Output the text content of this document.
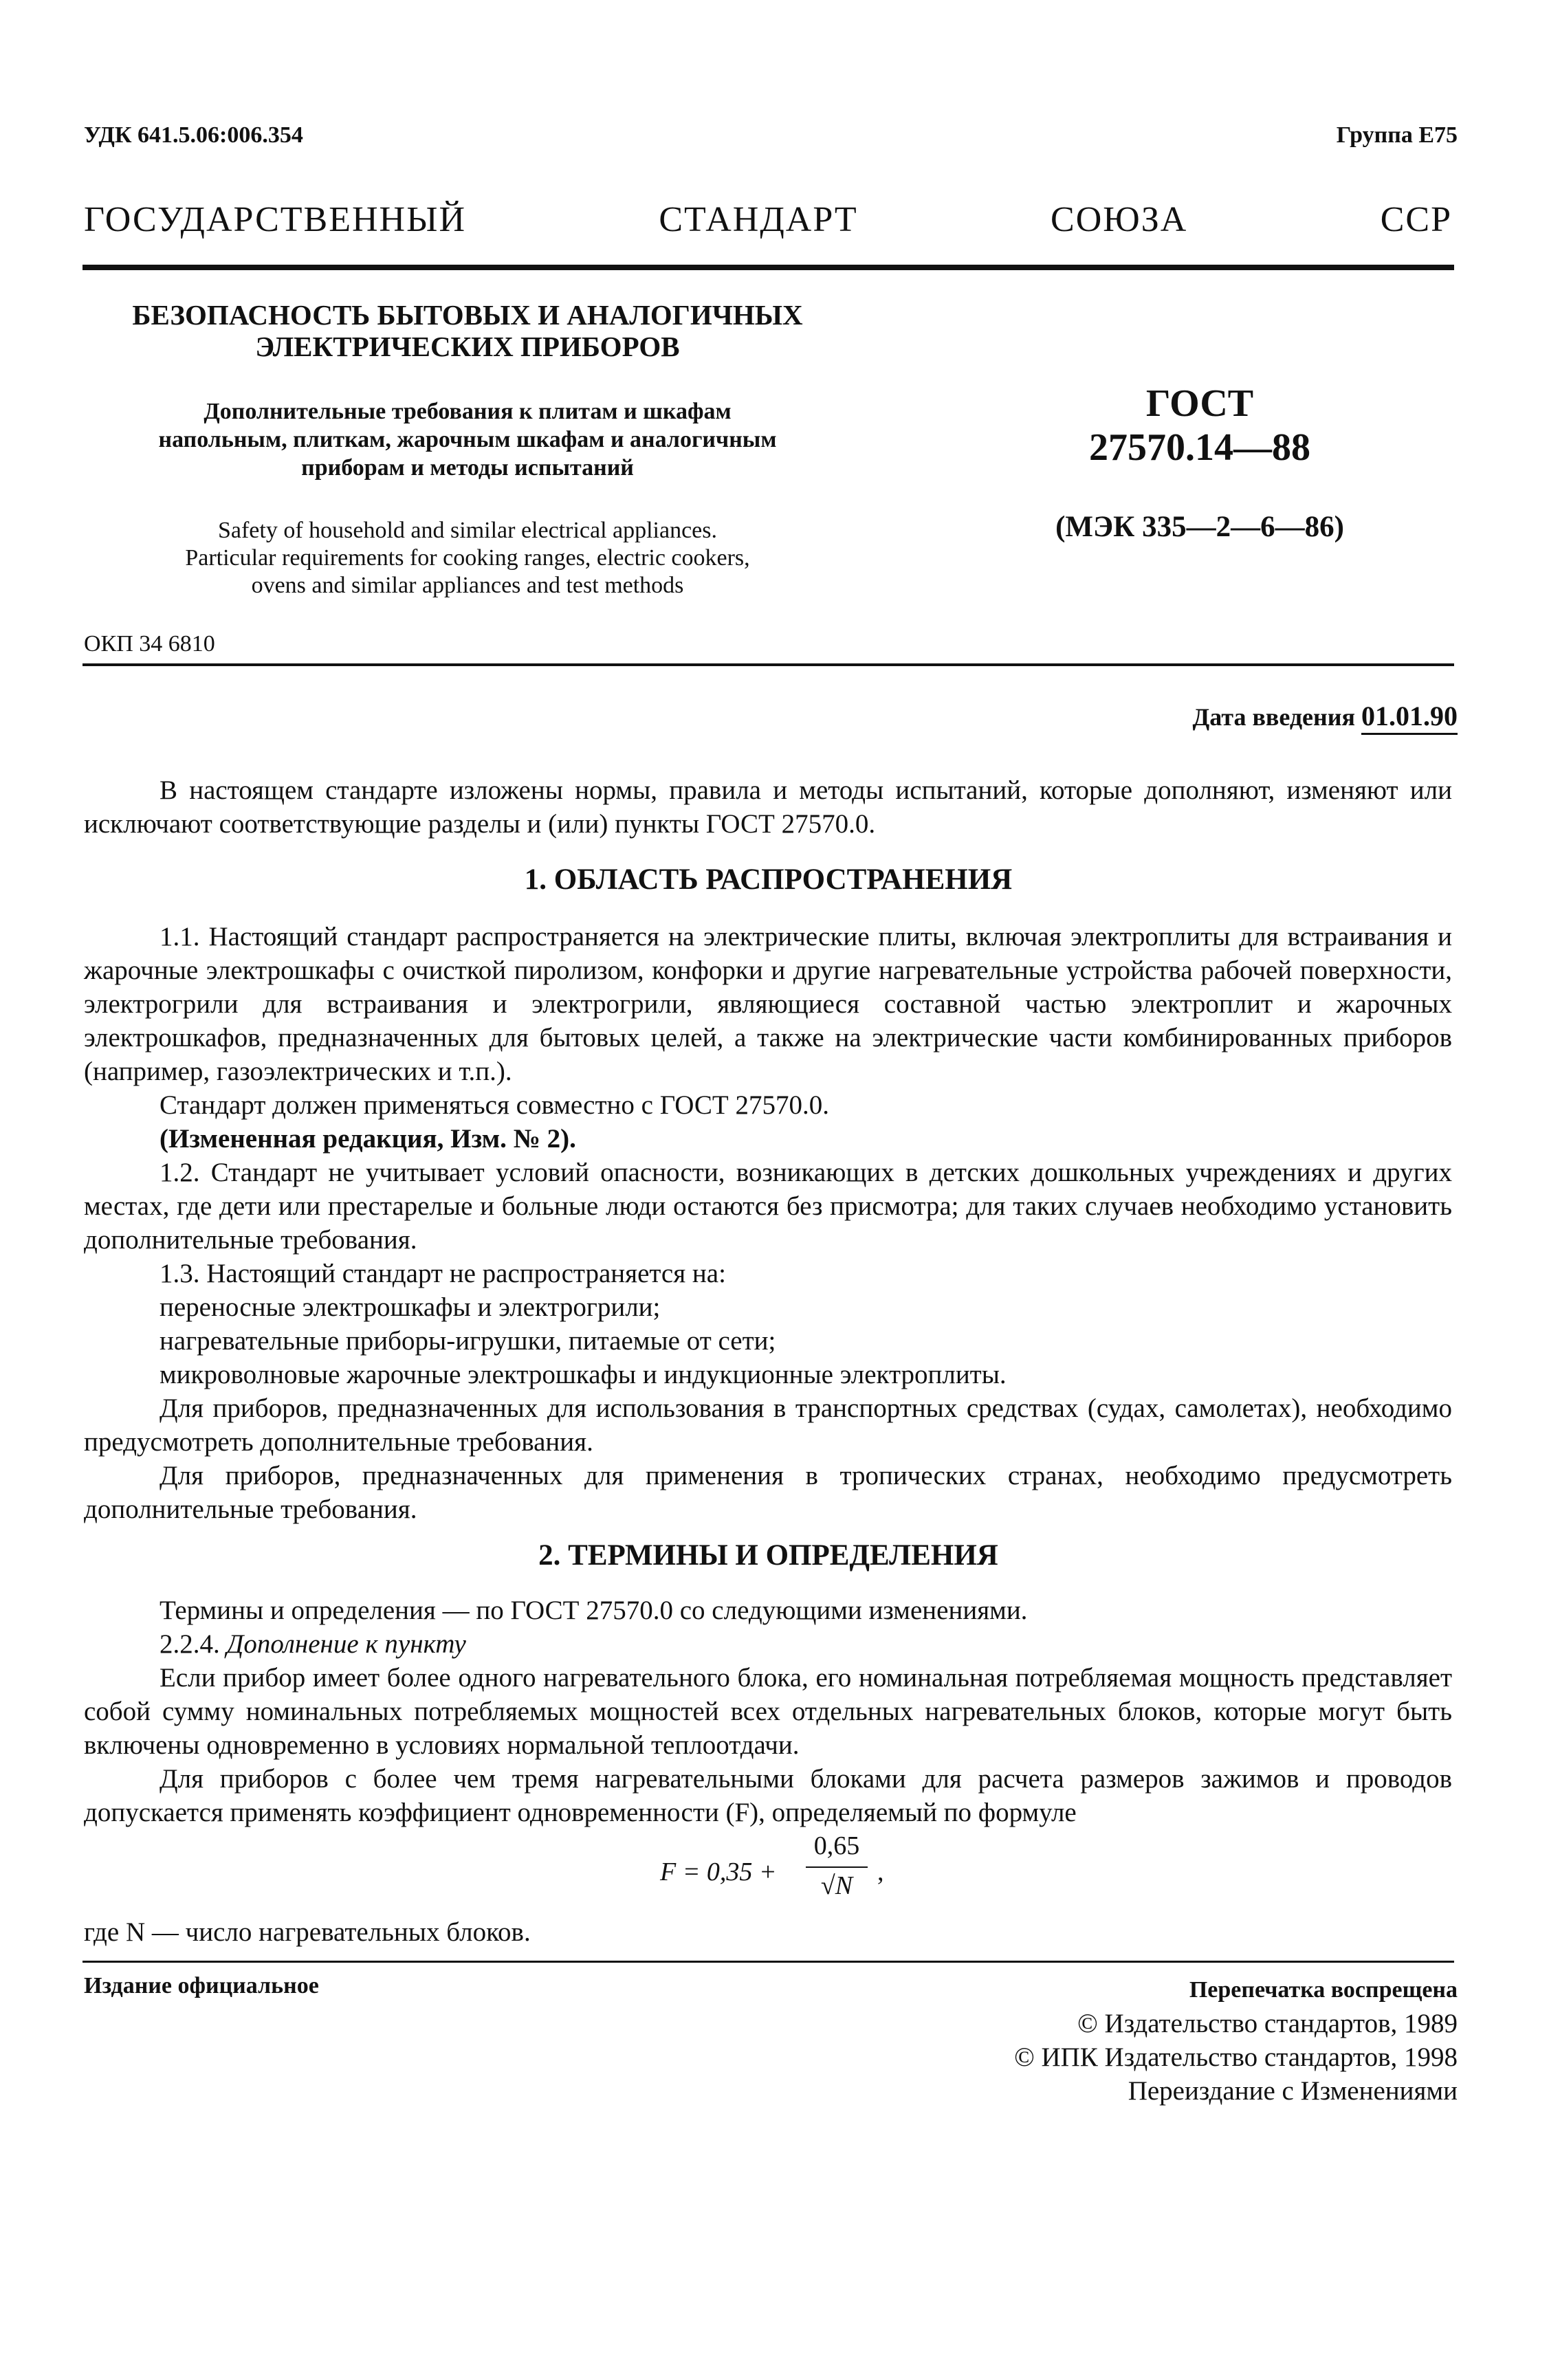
УДК 641.5.06:006.354	Группа Е75
ГОСУДАРСТВЕННЫЙ СТАНДАРТ СОЮЗА ССР
БЕЗОПАСНОСТЬ БЫТОВЫХ И АНАЛОГИЧНЫХ
ЭЛЕКТРИЧЕСКИХ ПРИБОРОВ
Дополнительные требования к плитам и шкафам
напольным, плиткам, жарочным шкафам и аналогичным
приборам и методы испытаний
Safety of household and similar electrical appliances.
Particular requirements for cooking ranges, electric cookers,
ovens and similar appliances and test methods
ОКП 34 6810
ГОСТ
27570.14—88
(МЭК 335—2—6—86)
Дата введения 01.01.90
В настоящем стандарте изложены нормы, правила и методы испытаний, которые дополняют, изменяют или исключают соответствующие разделы и (или) пункты ГОСТ 27570.0.
1. ОБЛАСТЬ РАСПРОСТРАНЕНИЯ
1.1. Настоящий стандарт распространяется на электрические плиты, включая электроплиты для встраивания и жарочные электрошкафы с очисткой пиролизом, конфорки и другие нагревательные устройства рабочей поверхности, электрогрили для встраивания и электрогрили, являющиеся составной частью электроплит и жарочных электрошкафов, предназначенных для бытовых целей, а также на электрические части комбинированных приборов (например, газоэлектрических и т.п.).
Стандарт должен применяться совместно с ГОСТ 27570.0.
(Измененная редакция, Изм. № 2).
1.2. Стандарт не учитывает условий опасности, возникающих в детских дошкольных учреждениях и других местах, где дети или престарелые и больные люди остаются без присмотра; для таких случаев необходимо установить дополнительные требования.
1.3. Настоящий стандарт не распространяется на:
переносные электрошкафы и электрогрили;
нагревательные приборы-игрушки, питаемые от сети;
микроволновые жарочные электрошкафы и индукционные электроплиты.
Для приборов, предназначенных для использования в транспортных средствах (судах, самолетах), необходимо предусмотреть дополнительные требования.
Для приборов, предназначенных для применения в тропических странах, необходимо предусмотреть дополнительные требования.
2. ТЕРМИНЫ И ОПРЕДЕЛЕНИЯ
Термины и определения — по ГОСТ 27570.0 со следующими изменениями.
2.2.4. Дополнение к пункту
Если прибор имеет более одного нагревательного блока, его номинальная потребляемая мощность представляет собой сумму номинальных потребляемых мощностей всех отдельных нагревательных блоков, которые могут быть включены одновременно в условиях нормальной теплоотдачи.
Для приборов с более чем тремя нагревательными блоками для расчета размеров зажимов и проводов допускается применять коэффициент одновременности (F), определяемый по формуле
F = 0,35 +
0,65
√N ,
где N — число нагревательных блоков.
Издание официальное	Перепечатка воспрещена
© Издательство стандартов, 1989
© ИПК Издательство стандартов, 1998
Переиздание с Изменениями
